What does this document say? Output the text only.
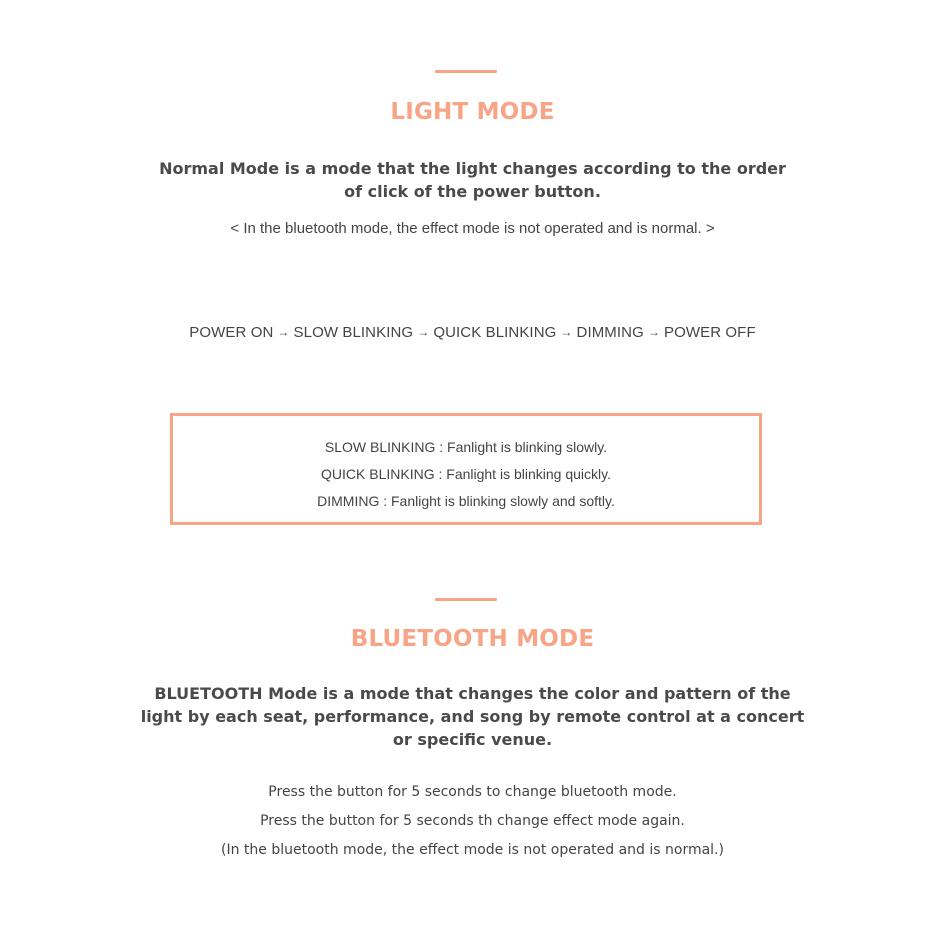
LIGHT MODE
Normal Mode is a mode that the light changes according to the order
of click of the power button.
< In the bluetooth mode, the effect mode is not operated and is normal. >
POWER ON → SLOW BLINKING → QUICK BLINKING → DIMMING → POWER OFF
SLOW BLINKING : Fanlight is blinking slowly.
QUICK BLINKING : Fanlight is blinking quickly.
DIMMING : Fanlight is blinking slowly and softly.
BLUETOOTH MODE
BLUETOOTH Mode is a mode that changes the color and pattern of the
light by each seat, performance, and song by remote control at a concert
or specific venue.
Press the button for 5 seconds to change bluetooth mode.
Press the button for 5 seconds th change effect mode again.
(In the bluetooth mode, the effect mode is not operated and is normal.)
